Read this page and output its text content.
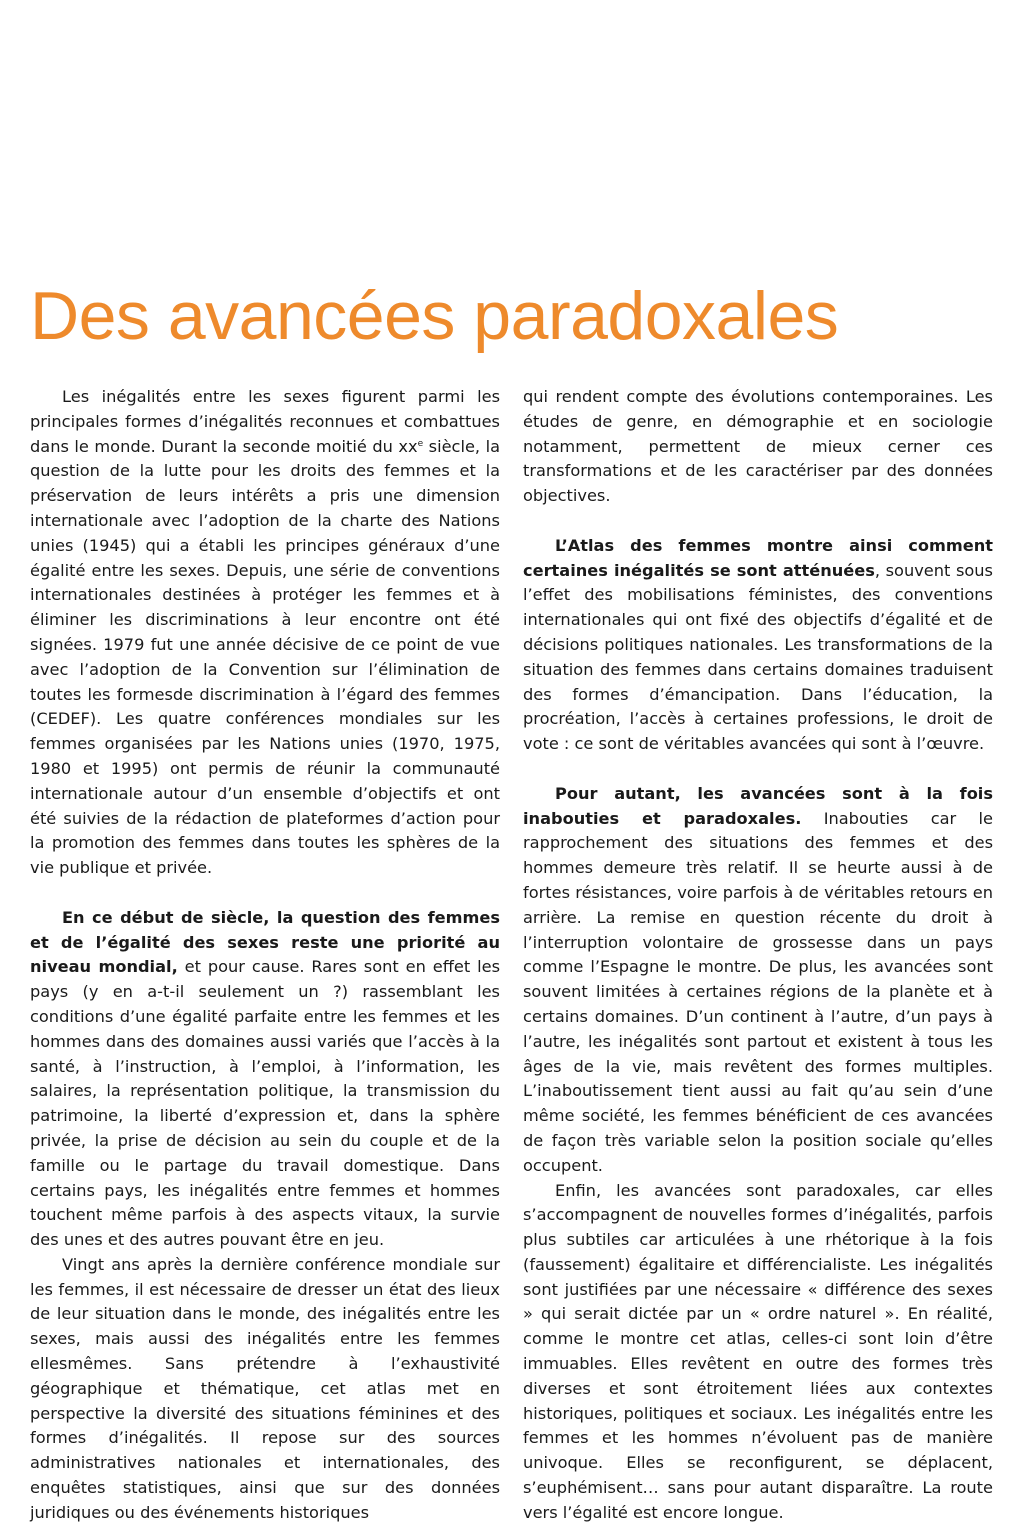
Des avancées paradoxales

Les inégalités entre les sexes figurent parmi les principales formes d’inégalités reconnues et combattues dans le monde. Durant la seconde moitié du $xx^e$ siècle, la question de la lutte pour les droits des femmes et la préservation de leurs intérêts a pris une dimension internationale avec l’adoption de la charte des Nations unies (1945) qui a établi les principes généraux d’une égalité entre les sexes. Depuis, une série de conventions internationales destinées à protéger les femmes et à éliminer les discriminations à leur encontre ont été signées. 1979 fut une année décisive de ce point de vue avec l’adoption de la Convention sur l’élimination de toutes les formesde discrimination à l’égard des femmes (CEDEF). Les quatre conférences mondiales sur les femmes organisées par les Nations unies (1970, 1975, 1980 et 1995) ont permis de réunir la communauté internationale autour d’un ensemble d’objectifs et ont été suivies de la rédaction de plateformes d’action pour la promotion des femmes dans toutes les sphères de la vie publique et privée.

En ce début de siècle, la question des femmes et de l’égalité des sexes reste une priorité au niveau mondial, et pour cause. Rares sont en effet les pays (y en a-t-il seulement un ?) rassemblant les conditions d’une égalité parfaite entre les femmes et les hommes dans des domaines aussi variés que l’accès à la santé, à l’instruction, à l’emploi, à l’information, les salaires, la représentation politique, la transmission du patrimoine, la liberté d’expression et, dans la sphère privée, la prise de décision au sein du couple et de la famille ou le partage du travail domestique. Dans certains pays, les inégalités entre femmes et hommes touchent même parfois à des aspects vitaux, la survie des unes et des autres pouvant être en jeu.

Vingt ans après la dernière conférence mondiale sur les femmes, il est nécessaire de dresser un état des lieux de leur situation dans le monde, des inégalités entre les sexes, mais aussi des inégalités entre les femmes ellesmêmes. Sans prétendre à l’exhaustivité géographique et thématique, cet atlas met en perspective la diversité des situations féminines et des formes d’inégalités. Il repose sur des sources administratives nationales et internationales, des enquêtes statistiques, ainsi que sur des données juridiques ou des événements historiques

qui rendent compte des évolutions contemporaines. Les études de genre, en démographie et en sociologie notamment, permettent de mieux cerner ces transformations et de les caractériser par des données objectives.

L’Atlas des femmes montre ainsi comment certaines inégalités se sont atténuées, souvent sous l’effet des mobilisations féministes, des conventions internationales qui ont fixé des objectifs d’égalité et de décisions politiques nationales. Les transformations de la situation des femmes dans certains domaines traduisent des formes d’émancipation. Dans l’éducation, la procréation, l’accès à certaines professions, le droit de vote : ce sont de véritables avancées qui sont à l’œuvre.

Pour autant, les avancées sont à la fois inabouties et paradoxales. Inabouties car le rapprochement des situations des femmes et des hommes demeure très relatif. Il se heurte aussi à de fortes résistances, voire parfois à de véritables retours en arrière. La remise en question récente du droit à l’interruption volontaire de grossesse dans un pays comme l’Espagne le montre. De plus, les avancées sont souvent limitées à certaines régions de la planète et à certains domaines. D’un continent à l’autre, d’un pays à l’autre, les inégalités sont partout et existent à tous les âges de la vie, mais revêtent des formes multiples. L’inaboutissement tient aussi au fait qu’au sein d’une même société, les femmes bénéficient de ces avancées de façon très variable selon la position sociale qu’elles occupent.

Enfin, les avancées sont paradoxales, car elles s’accompagnent de nouvelles formes d’inégalités, parfois plus subtiles car articulées à une rhétorique à la fois (faussement) égalitaire et différencialiste. Les inégalités sont justifiées par une nécessaire « différence des sexes » qui serait dictée par un « ordre naturel ». En réalité, comme le montre cet atlas, celles-ci sont loin d’être immuables. Elles revêtent en outre des formes très diverses et sont étroitement liées aux contextes historiques, politiques et sociaux. Les inégalités entre les femmes et les hommes n’évoluent pas de manière univoque. Elles se reconfigurent, se déplacent, s’euphémisent… sans pour autant disparaître. La route vers l’égalité est encore longue.
